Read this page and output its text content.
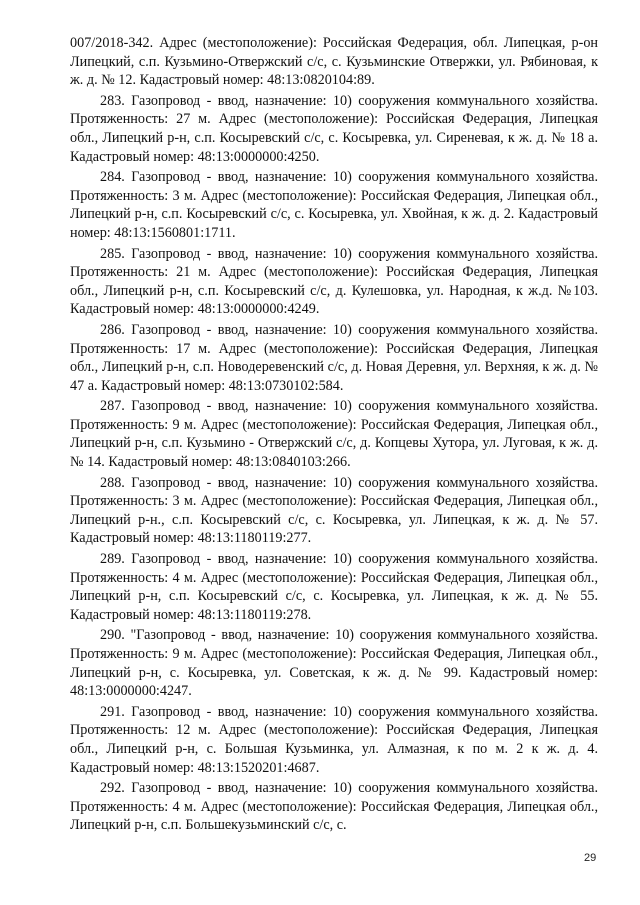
007/2018-342. Адрес (местоположение): Российская Федерация, обл. Липецкая, р-он Липецкий, с.п. Кузьмино-Отвержский с/с, с. Кузьминские Отвержки, ул. Рябиновая, к ж. д. № 12. Кадастровый номер: 48:13:0820104:89.

283. Газопровод - ввод, назначение: 10) сооружения коммунального хозяйства. Протяженность: 27 м. Адрес (местоположение): Российская Федерация, Липецкая обл., Липецкий р-н, с.п. Косыревский с/с, с. Косыревка, ул. Сиреневая, к ж. д. № 18 а. Кадастровый номер: 48:13:0000000:4250.

284. Газопровод - ввод, назначение: 10) сооружения коммунального хозяйства. Протяженность: 3 м. Адрес (местоположение): Российская Федерация, Липецкая обл., Липецкий р-н, с.п. Косыревский с/с, с. Косыревка, ул. Хвойная, к ж. д. 2. Кадастровый номер: 48:13:1560801:1711.

285. Газопровод - ввод, назначение: 10) сооружения коммунального хозяйства. Протяженность: 21 м. Адрес (местоположение): Российская Федерация, Липецкая обл., Липецкий р-н, с.п. Косыревский с/с, д. Кулешовка, ул. Народная, к ж.д. №103. Кадастровый номер: 48:13:0000000:4249.

286. Газопровод - ввод, назначение: 10) сооружения коммунального хозяйства. Протяженность: 17 м. Адрес (местоположение): Российская Федерация, Липецкая обл., Липецкий р-н, с.п. Новодеревенский с/с, д. Новая Деревня, ул. Верхняя, к ж. д. № 47 а. Кадастровый номер: 48:13:0730102:584.

287. Газопровод - ввод, назначение: 10) сооружения коммунального хозяйства. Протяженность: 9 м. Адрес (местоположение): Российская Федерация, Липецкая обл., Липецкий р-н, с.п. Кузьмино - Отвержский с/с, д. Копцевы Хутора, ул. Луговая, к ж. д. № 14. Кадастровый номер: 48:13:0840103:266.

288. Газопровод - ввод, назначение: 10) сооружения коммунального хозяйства. Протяженность: 3 м. Адрес (местоположение): Российская Федерация, Липецкая обл., Липецкий р-н., с.п. Косыревский с/с, с. Косыревка, ул. Липецкая, к ж. д. № 57. Кадастровый номер: 48:13:1180119:277.

289. Газопровод - ввод, назначение: 10) сооружения коммунального хозяйства. Протяженность: 4 м. Адрес (местоположение): Российская Федерация, Липецкая обл., Липецкий р-н, с.п. Косыревский с/с, с. Косыревка, ул. Липецкая, к ж. д. № 55. Кадастровый номер: 48:13:1180119:278.

290. "Газопровод - ввод, назначение: 10) сооружения коммунального хозяйства. Протяженность: 9 м. Адрес (местоположение): Российская Федерация, Липецкая обл., Липецкий р-н, с. Косыревка, ул. Советская, к ж. д. № 99. Кадастровый номер: 48:13:0000000:4247.

291. Газопровод - ввод, назначение: 10) сооружения коммунального хозяйства. Протяженность: 12 м. Адрес (местоположение): Российская Федерация, Липецкая обл., Липецкий р-н, с. Большая Кузьминка, ул. Алмазная, к по м. 2 к ж. д. 4. Кадастровый номер: 48:13:1520201:4687.

292. Газопровод - ввод, назначение: 10) сооружения коммунального хозяйства. Протяженность: 4 м. Адрес (местоположение): Российская Федерация, Липецкая обл., Липецкий р-н, с.п. Большекузьминский с/с, с.

29
